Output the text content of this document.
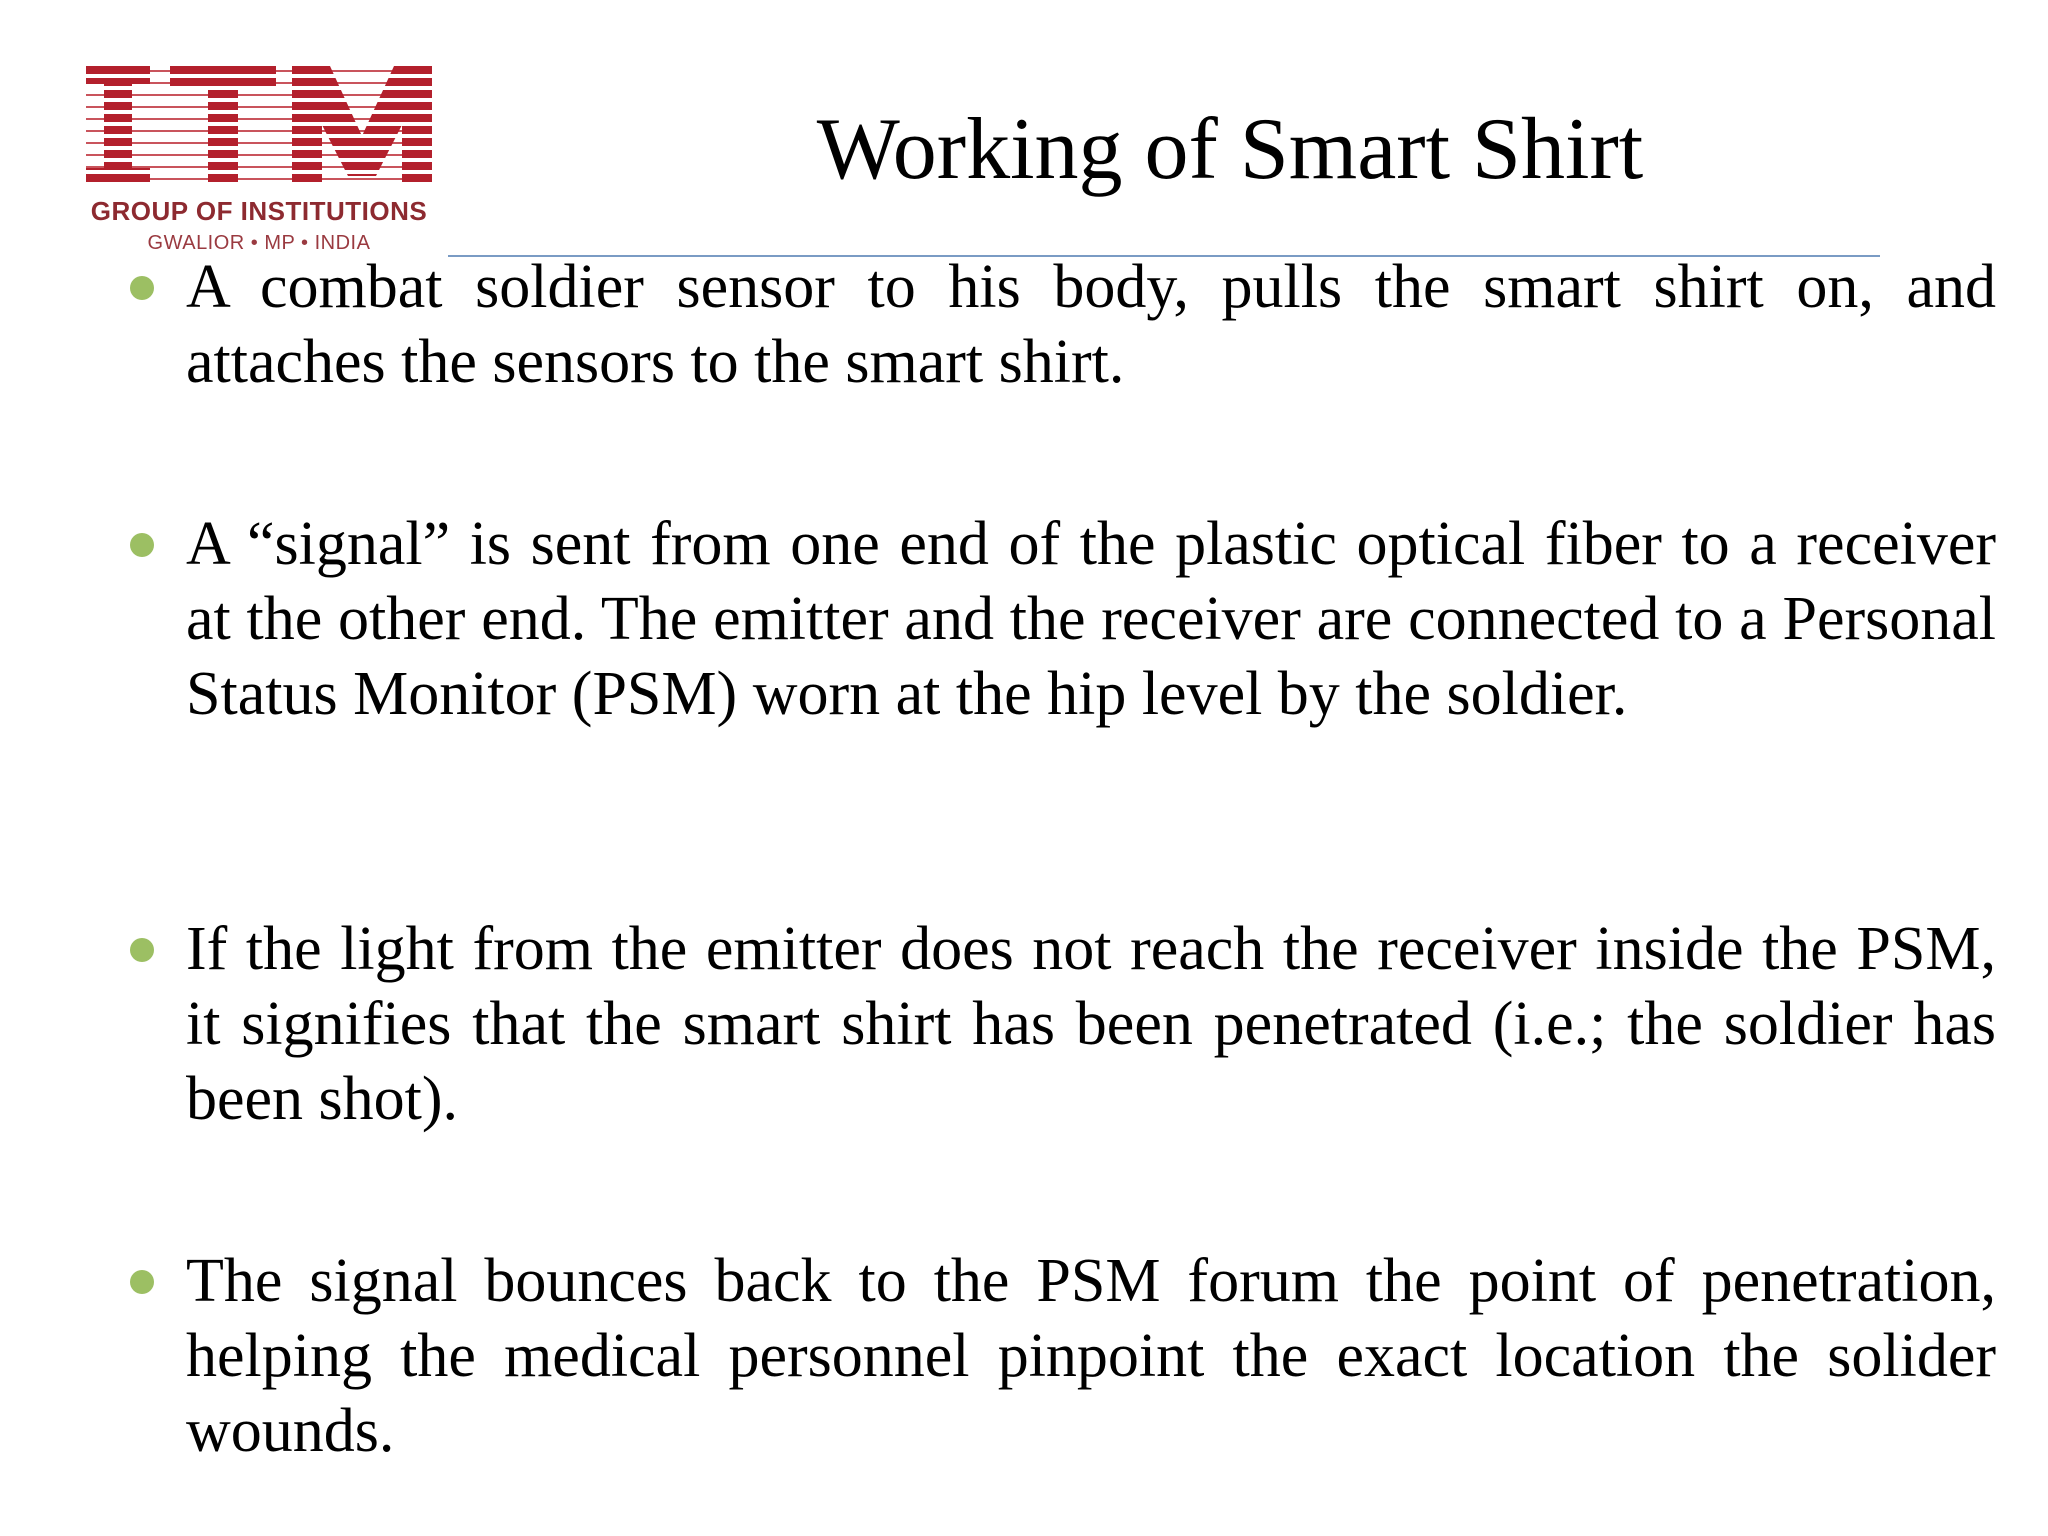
GROUP OF INSTITUTIONS
GWALIOR • MP • INDIA
Working of Smart Shirt
A combat soldier sensor to his body, pulls the smart shirt on, and attaches the sensors to the smart shirt.
A “signal” is sent from one end of the plastic optical fiber to a receiver at the other end. The emitter and the receiver are connected to a Personal Status Monitor (PSM) worn at the hip level by the soldier.
If the light from the emitter does not reach the receiver inside the PSM, it signifies that the smart shirt has been penetrated (i.e.; the soldier has been shot).
The signal bounces back to the PSM forum the point of penetration, helping the medical personnel pinpoint the exact location the solider wounds.
